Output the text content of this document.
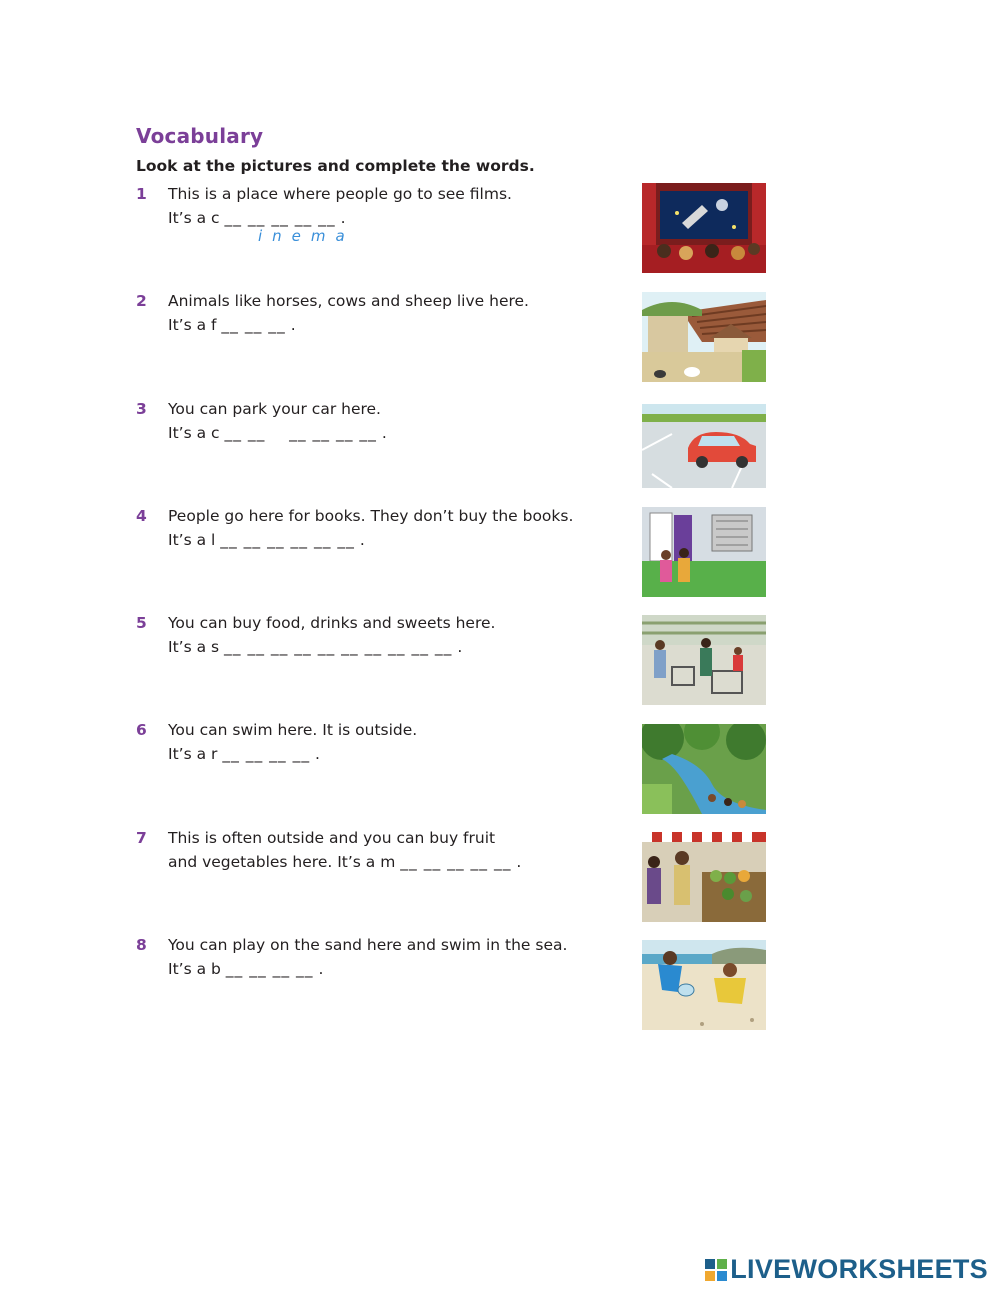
Vocabulary
Look at the pictures and complete the words.
1 This is a place where people go to see films.
It’s a c __ __ __ __ __ .
inema
2 Animals like horses, cows and sheep live here.
It’s a f __ __ __ .
3 You can park your car here.
It’s a c __ __    __ __ __ __ .
4 People go here for books. They don’t buy the books.
It’s a l __ __ __ __ __ __ .
5 You can buy food, drinks and sweets here.
It’s a s __ __ __ __ __ __ __ __ __ __ .
6 You can swim here. It is outside.
It’s a r __ __ __ __ .
7 This is often outside and you can buy fruit
and vegetables here. It’s a m __ __ __ __ __ .
8 You can play on the sand here and swim in the sea.
It’s a b __ __ __ __ .
LIVEWORKSHEETS
